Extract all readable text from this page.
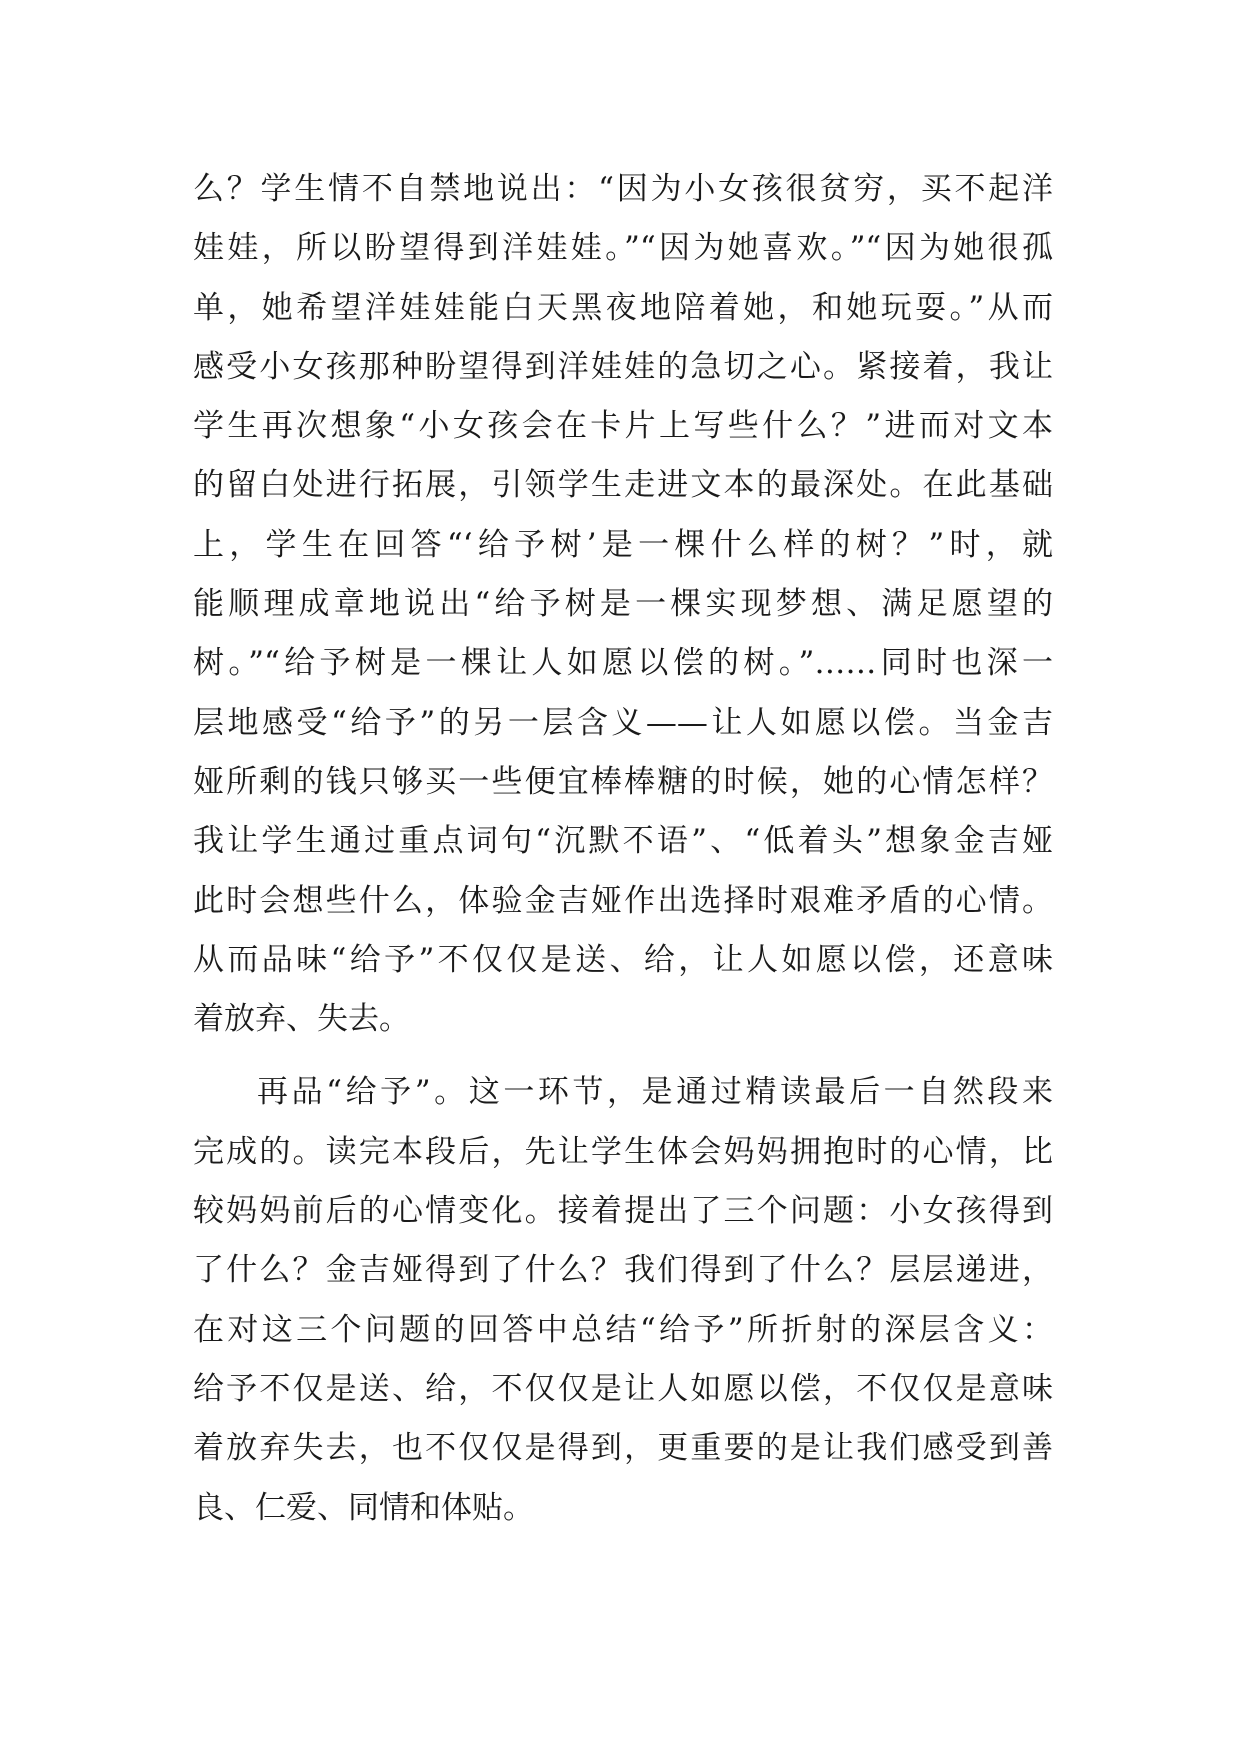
么？学生情不自禁地说出：“因为小女孩很贫穷，买不起洋
娃娃，所以盼望得到洋娃娃。”“因为她喜欢。”“因为她很孤
单，她希望洋娃娃能白天黑夜地陪着她，和她玩耍。”从而
感受小女孩那种盼望得到洋娃娃的急切之心。紧接着，我让
学生再次想象“小女孩会在卡片上写些什么？”进而对文本
的留白处进行拓展，引领学生走进文本的最深处。在此基础
上，学生在回答“‘给予树’是一棵什么样的树？”时，就
能顺理成章地说出“给予树是一棵实现梦想、满足愿望的
树。”“给予树是一棵让人如愿以偿的树。”……同时也深一
层地感受“给予”的另一层含义——让人如愿以偿。当金吉
娅所剩的钱只够买一些便宜棒棒糖的时候，她的心情怎样？
我让学生通过重点词句“沉默不语”、“低着头”想象金吉娅
此时会想些什么，体验金吉娅作出选择时艰难矛盾的心情。
从而品味“给予”不仅仅是送、给，让人如愿以偿，还意味
着放弃、失去。
再品“给予”。这一环节，是通过精读最后一自然段来
完成的。读完本段后，先让学生体会妈妈拥抱时的心情，比
较妈妈前后的心情变化。接着提出了三个问题：小女孩得到
了什么？金吉娅得到了什么？我们得到了什么？层层递进，
在对这三个问题的回答中总结“给予”所折射的深层含义：
给予不仅是送、给，不仅仅是让人如愿以偿，不仅仅是意味
着放弃失去，也不仅仅是得到，更重要的是让我们感受到善
良、仁爱、同情和体贴。
